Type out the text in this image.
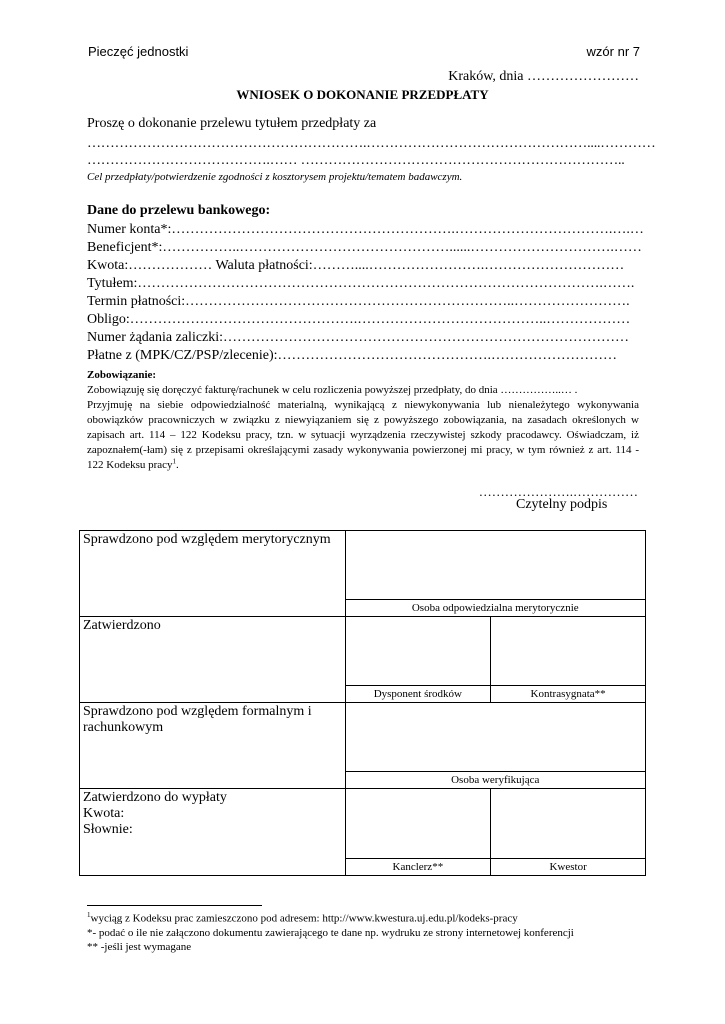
Pieczęć jednostki	wzór nr 7
Kraków, dnia ……………………
WNIOSEK O DOKONANIE PRZEDPŁATY
Proszę o dokonanie przelewu tytułem przedpłaty za
…………………………………………………….…………………………………………....…………
………………………………….…… ……………………………………………………………..
Cel przedpłaty/potwierdzenie zgodności z kosztorysem projektu/tematem badawczym.
Dane do przelewu bankowego:
Numer konta*:…………………………………………………….…………………………….….…
Beneficjent*:……………..………………………………………......………………………….……
Kwota:……………… Waluta płatności:………....…………………….…………………………
Tytułem:……………………………………………………………………………………….…….
Termin płatności:……………………………………………………………..…………………….
Obligo:………………………………………….…………………………………..………………
Numer żądania zaliczki:……………………………………………………………………………
Płatne z (MPK/CZ/PSP/zlecenie):……………………………………….………………………
Zobowiązanie:
Zobowiązuję się doręczyć fakturę/rachunek w celu rozliczenia powyższej przedpłaty, do dnia ……………..… .
Przyjmuję na siebie odpowiedzialność materialną, wynikającą z niewykonywania lub nienależytego wykonywania obowiązków pracowniczych w związku z niewyiązaniem się z powyższego zobowiązania, na zasadach określonych w zapisach art. 114 – 122 Kodeksu pracy, tzn. w sytuacji wyrządzenia rzeczywistej szkody pracodawcy. Oświadczam, iż zapoznałem(-łam) się z przepisami określającymi zasady wykonywania powierzonej mi pracy, w tym również z art. 114 - 122 Kodeksu pracy$^1$.
………………….……………
Czytelny podpis
Sprawdzono pod względem merytorycznym		
	Osoba odpowiedzialna merytorycznie	
Zatwierdzono		
	Dysponent środków	Kontrasygnata**
Sprawdzono pod względem formalnym i rachunkowym		
	Osoba weryfikująca	

Zatwierdzono do wypłaty
Kwota:
Słownie:		

	Kanclerz**	Kwestor
$^1$wyciąg z Kodeksu prac zamieszczono pod adresem: http://www.kwestura.uj.edu.pl/kodeks-pracy
*- podać o ile nie załączono dokumentu zawierającego te dane np. wydruku ze strony internetowej konferencji
** -jeśli jest wymagane
